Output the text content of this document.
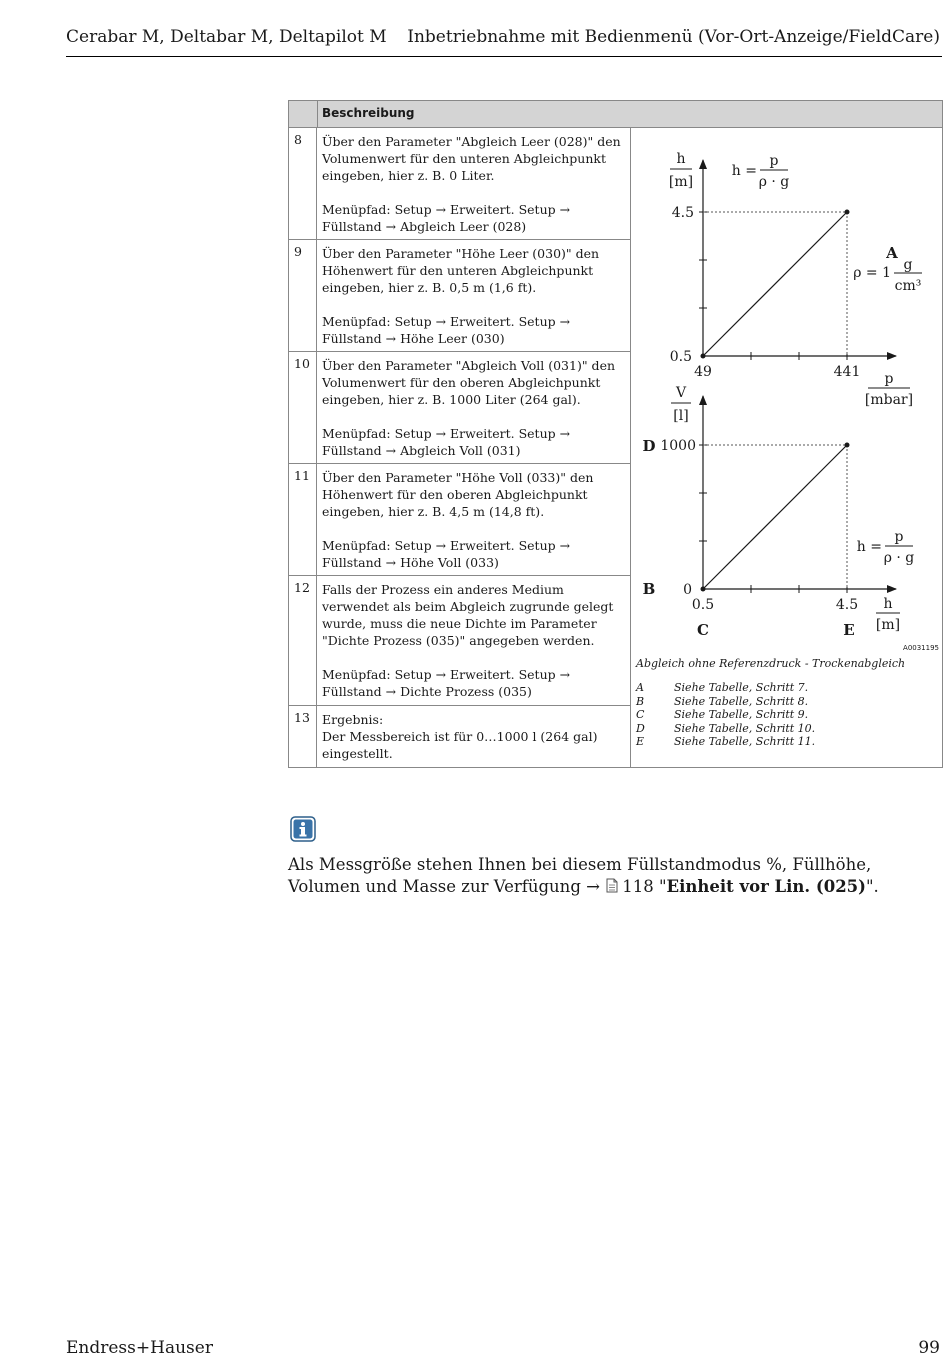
Cerabar M, Deltabar M, Deltapilot M Inbetriebnahme mit Bedienmenü (Vor-Ort-Anzeige/FieldCare)
Beschreibung
8	Über den Parameter "Abgleich Leer (028)" den Volumenwert für den unteren Abgleichpunkt eingeben, hier z. B. 0 Liter.
Menüpfad: Setup → Erweitert. Setup → Füllstand → Abgleich Leer (028)
9	Über den Parameter "Höhe Leer (030)" den Höhenwert für den unteren Abgleichpunkt eingeben, hier z. B. 0,5 m (1,6 ft).
Menüpfad: Setup → Erweitert. Setup → Füllstand → Höhe Leer (030)
10 Über den Parameter "Abgleich Voll (031)" den Volumenwert für den oberen Abgleichpunkt eingeben, hier z. B. 1000 Liter (264 gal).
Menüpfad: Setup → Erweitert. Setup → Füllstand → Abgleich Voll (031)
11 Über den Parameter "Höhe Voll (033)" den Höhenwert für den oberen Abgleichpunkt eingeben, hier z. B. 4,5 m (14,8 ft).
Menüpfad: Setup → Erweitert. Setup → Füllstand → Höhe Voll (033)
12 Falls der Prozess ein anderes Medium verwendet als beim Abgleich zugrunde gelegt wurde, muss die neue Dichte im Parameter "Dichte Prozess (035)" angegeben werden.
Menüpfad: Setup → Erweitert. Setup → Füllstand → Dichte Prozess (035)
13 Ergebnis:
Der Messbereich ist für 0…1000 l (264 gal) eingestellt.
h
[m]
4.5
0.5
49	441 p
[mbar]
h =
p
ρ · g
A
ρ = 1 g
cm³
V
[l]
1000
0
0.5	4.5 h
[m]
h =
p
ρ · g
D
B
C	E
A0031195
Abgleich ohne Referenzdruck - Trockenabgleich
A	Siehe Tabelle, Schritt 7.
B	Siehe Tabelle, Schritt 8.
C	Siehe Tabelle, Schritt 9.
D	Siehe Tabelle, Schritt 10.
E	Siehe Tabelle, Schritt 11.
Als Messgröße stehen Ihnen bei diesem Füllstandmodus %, Füllhöhe, Volumen und Masse zur Verfügung → 118 "Einheit vor Lin. (025)".
Endress+Hauser	99
